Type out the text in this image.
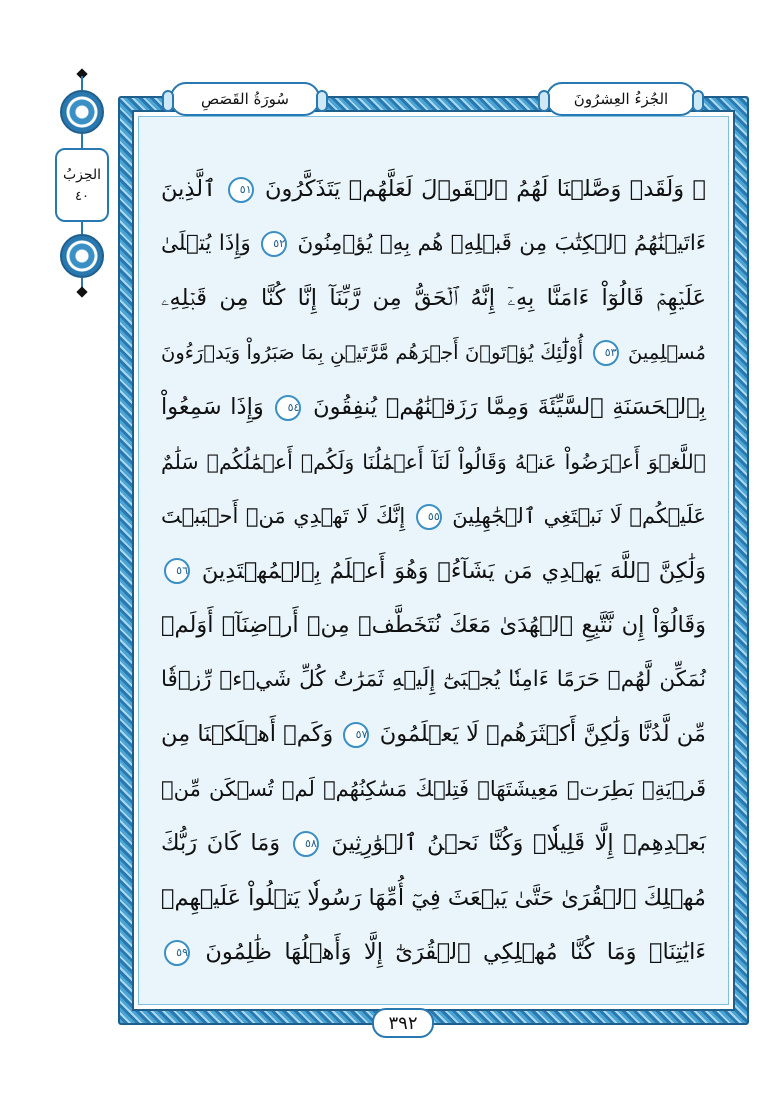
الحِزبُ
٤٠	۞ وَلَقَدۡ وَصَّلۡنَا لَهُمُ ٱلۡقَوۡلَ لَعَلَّهُمۡ يَتَذَكَّرُونَ ٥١ ٱلَّذِينَ
ءَاتَيۡنَٰهُمُ ٱلۡكِتَٰبَ مِن قَبۡلِهِۦ هُم بِهِۦ يُؤۡمِنُونَ ٥٢ وَإِذَا يُتۡلَىٰ
عَلَيۡهِمۡ قَالُوٓاْ ءَامَنَّا بِهِۦٓ إِنَّهُ ٱلۡحَقُّ مِن رَّبِّنَآ إِنَّا كُنَّا مِن قَبۡلِهِۦ
مُسۡلِمِينَ ٥٣ أُوْلَٰٓئِكَ يُؤۡتَوۡنَ أَجۡرَهُم مَّرَّتَيۡنِ بِمَا صَبَرُواْ وَيَدۡرَءُونَ
بِٱلۡحَسَنَةِ ٱلسَّيِّئَةَ وَمِمَّا رَزَقۡنَٰهُمۡ يُنفِقُونَ ٥٤ وَإِذَا سَمِعُواْ
ٱللَّغۡوَ أَعۡرَضُواْ عَنۡهُ وَقَالُواْ لَنَآ أَعۡمَٰلُنَا وَلَكُمۡ أَعۡمَٰلُكُمۡ سَلَٰمٌ
عَلَيۡكُمۡ لَا نَبۡتَغِي ٱلۡجَٰهِلِينَ ٥٥ إِنَّكَ لَا تَهۡدِي مَنۡ أَحۡبَبۡتَ
وَلَٰكِنَّ ٱللَّهَ يَهۡدِي مَن يَشَآءُۚ وَهُوَ أَعۡلَمُ بِٱلۡمُهۡتَدِينَ ٥٦
وَقَالُوٓاْ إِن نَّتَّبِعِ ٱلۡهُدَىٰ مَعَكَ نُتَخَطَّفۡ مِنۡ أَرۡضِنَآۚ أَوَلَمۡ
نُمَكِّن لَّهُمۡ حَرَمًا ءَامِنٗا يُجۡبَىٰٓ إِلَيۡهِ ثَمَرَٰتُ كُلِّ شَيۡءٖ رِّزۡقٗا
مِّن لَّدُنَّا وَلَٰكِنَّ أَكۡثَرَهُمۡ لَا يَعۡلَمُونَ ٥٧ وَكَمۡ أَهۡلَكۡنَا مِن
قَرۡيَةِۭ بَطِرَتۡ مَعِيشَتَهَاۖ فَتِلۡكَ مَسَٰكِنُهُمۡ لَمۡ تُسۡكَن مِّنۢ
بَعۡدِهِمۡ إِلَّا قَلِيلٗاۖ وَكُنَّا نَحۡنُ ٱلۡوَٰرِثِينَ ٥٨ وَمَا كَانَ رَبُّكَ
مُهۡلِكَ ٱلۡقُرَىٰ حَتَّىٰ يَبۡعَثَ فِيٓ أُمِّهَا رَسُولٗا يَتۡلُواْ عَلَيۡهِمۡ
ءَايَٰتِنَاۚ وَمَا كُنَّا مُهۡلِكِي ٱلۡقُرَىٰٓ إِلَّا وَأَهۡلُهَا ظَٰلِمُونَ ٥٩
سُورَةُ القَصَصِ	الجُزءُ العِشرُونَ
٣٩٢
